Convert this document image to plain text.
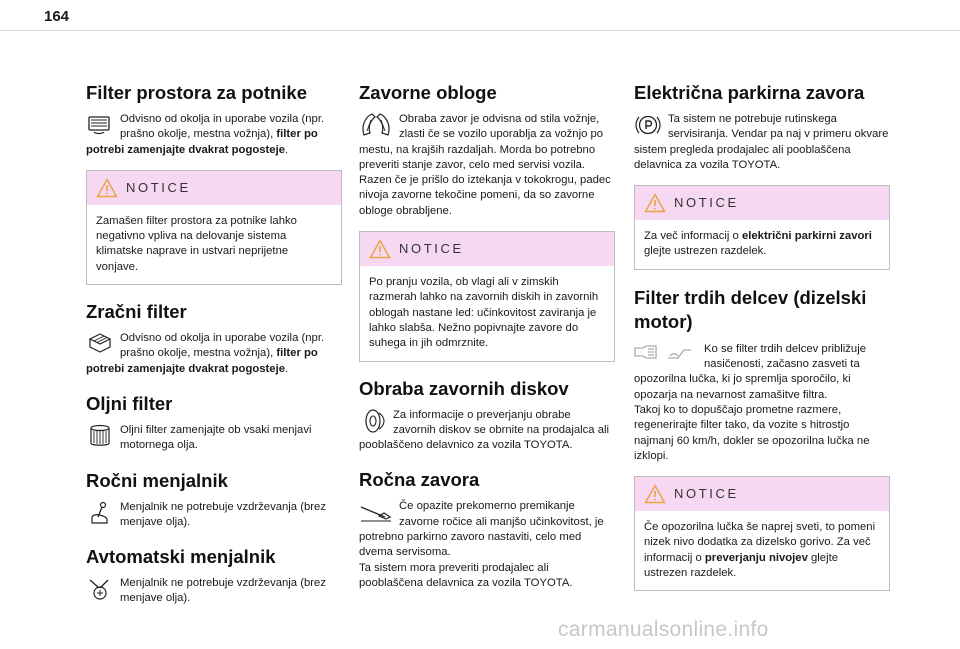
164
Filter prostora za potnike
Odvisno od okolja in uporabe vozila (npr. prašno okolje, mestna vožnja), filter po potrebi zamenjajte dvakrat pogosteje.
NOTICE
Zamašen filter prostora za potnike lahko negativno vpliva na delovanje sistema klimatske naprave in ustvari neprijetne vonjave.
Zračni filter
Odvisno od okolja in uporabe vozila (npr. prašno okolje, mestna vožnja), filter po potrebi zamenjajte dvakrat pogosteje.
Oljni filter
Oljni filter zamenjajte ob vsaki menjavi motornega olja.
Ročni menjalnik
Menjalnik ne potrebuje vzdrževanja (brez menjave olja).
Avtomatski menjalnik
Menjalnik ne potrebuje vzdrževanja (brez menjave olja).
Zavorne obloge
Obraba zavor je odvisna od stila vožnje, zlasti če se vozilo uporablja za vožnjo po mestu, na krajših razdaljah. Morda bo potrebno preveriti stanje zavor, celo med servisi vozila. Razen če je prišlo do iztekanja v tokokrogu, padec nivoja zavorne tekočine pomeni, da so zavorne obloge obrabljene.
NOTICE
Po pranju vozila, ob vlagi ali v zimskih razmerah lahko na zavornih diskih in zavornih oblogah nastane led: učinkovitost zaviranja je lahko slabša. Nežno popivnajte zavore do suhega in jih odmrznite.
Obraba zavornih diskov
Za informacije o preverjanju obrabe zavornih diskov se obrnite na prodajalca ali pooblaščeno delavnico za vozila TOYOTA.
Ročna zavora
Če opazite prekomerno premikanje zavorne ročice ali manjšo učinkovitost, je potrebno parkirno zavoro nastaviti, celo med dvema servisoma.
Ta sistem mora preveriti prodajalec ali pooblaščena delavnica za vozila TOYOTA.
Električna parkirna zavora
Ta sistem ne potrebuje rutinskega servisiranja. Vendar pa naj v primeru okvare sistem pregleda prodajalec ali pooblaščena delavnica za vozila TOYOTA.
NOTICE
Za več informacij o električni parkirni zavori glejte ustrezen razdelek.
Filter trdih delcev (dizelski motor)
Ko se filter trdih delcev približuje nasičenosti, začasno zasveti ta opozorilna lučka, ki jo spremlja sporočilo, ki opozarja na nevarnost zamašitve filtra.
Takoj ko to dopuščajo prometne razmere, regenerirajte filter tako, da vozite s hitrostjo najmanj 60 km/h, dokler se opozorilna lučka ne izklopi.
NOTICE
Če opozorilna lučka še naprej sveti, to pomeni nizek nivo dodatka za dizelsko gorivo. Za več informacij o preverjanju nivojev glejte ustrezen razdelek.
carmanualsonline.info
